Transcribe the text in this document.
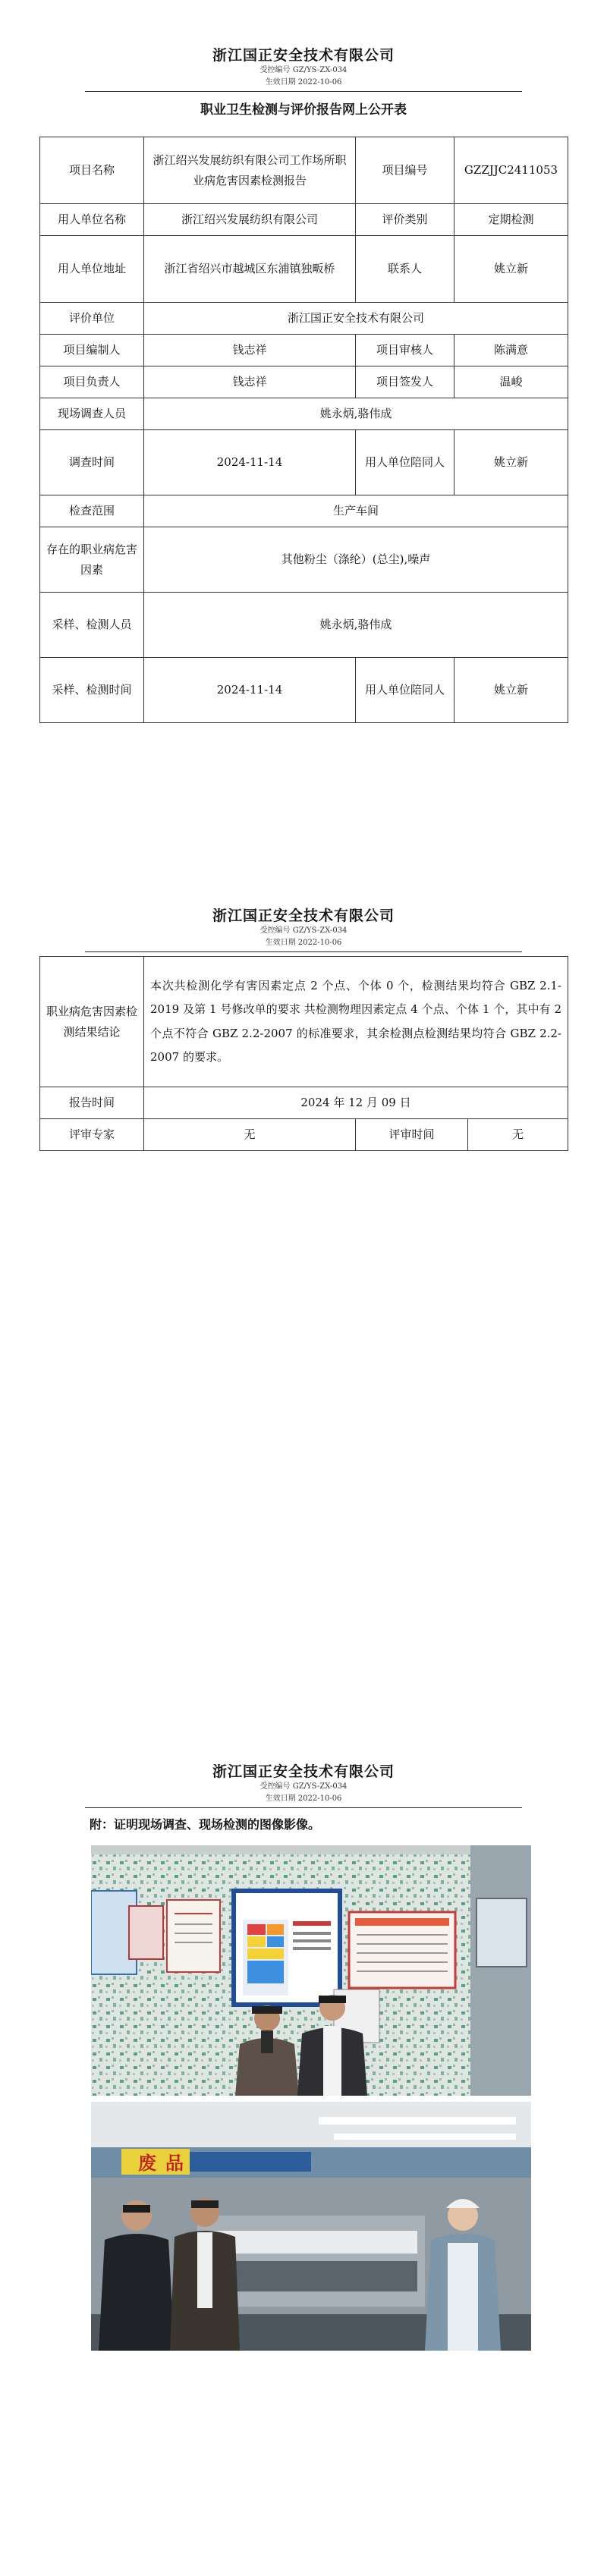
浙江国正安全技术有限公司
受控编号 GZ/YS-ZX-034
生效日期 2022-10-06
职业卫生检测与评价报告网上公开表
项目名称	浙江绍兴发展纺织有限公司工作场所职业病危害因素检测报告	项目编号	GZZJJC2411053
用人单位名称	浙江绍兴发展纺织有限公司	评价类别	定期检测
用人单位地址	浙江省绍兴市越城区东浦镇独畈桥	联系人	姚立新
评价单位	浙江国正安全技术有限公司		
项目编制人	钱志祥	项目审核人	陈满意
项目负责人	钱志祥	项目签发人	温峻
现场调查人员	姚永炳,骆伟成		
调查时间	2024-11-14	用人单位陪同人	姚立新
检查范围	生产车间		
存在的职业病危害因素	其他粉尘（涤纶）(总尘),噪声		
采样、检测人员	姚永炳,骆伟成		
采样、检测时间	2024-11-14	用人单位陪同人	姚立新
浙江国正安全技术有限公司
受控编号 GZ/YS-ZX-034
生效日期 2022-10-06
职业病危害因素检测结果结论	本次共检测化学有害因素定点 2 个点、个体 0 个，检测结果均符合 GBZ 2.1-2019 及第 1 号修改单的要求 共检测物理因素定点 4 个点、个体 1 个，其中有 2 个点不符合 GBZ 2.2-2007 的标准要求，其余检测点检测结果均符合 GBZ 2.2-2007 的要求。		
报告时间	2024 年 12 月 09 日		
评审专家	无	评审时间	无
浙江国正安全技术有限公司
受控编号 GZ/YS-ZX-034
生效日期 2022-10-06
附：证明现场调查、现场检测的图像影像。
废 品
